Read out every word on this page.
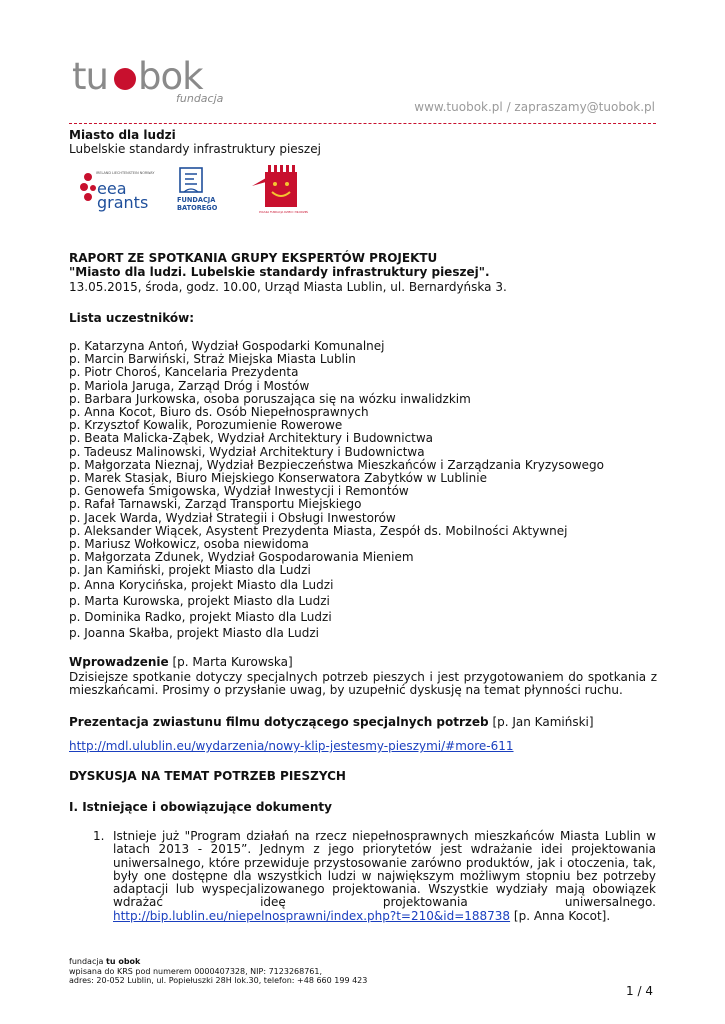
tu bok
fundacja
www.tuobok.pl / zapraszamy@tuobok.pl
Miasto dla ludzi
Lubelskie standardy infrastruktury pieszej
IRELAND LIECHTENSTEIN NORWAY
eea
grants	FUNDACJA
BATOREGO
POLSKA FUNDACJA DZIECI I MŁODZIEŻY
RAPORT ZE SPOTKANIA GRUPY EKSPERTÓW PROJEKTU
"Miasto dla ludzi. Lubelskie standardy infrastruktury pieszej".
13.05.2015, środa, godz. 10.00, Urząd Miasta Lublin, ul. Bernardyńska 3.
Lista uczestników:
p. Katarzyna Antoń, Wydział Gospodarki Komunalnej
p. Marcin Barwiński, Straż Miejska Miasta Lublin
p. Piotr Choroś, Kancelaria Prezydenta
p. Mariola Jaruga, Zarząd Dróg i Mostów
p. Barbara Jurkowska, osoba poruszająca się na wózku inwalidzkim
p. Anna Kocot, Biuro ds. Osób Niepełnosprawnych
p. Krzysztof Kowalik, Porozumienie Rowerowe
p. Beata Malicka-Ząbek, Wydział Architektury i Budownictwa
p. Tadeusz Malinowski, Wydział Architektury i Budownictwa
p. Małgorzata Nieznaj, Wydział Bezpieczeństwa Mieszkańców i Zarządzania Kryzysowego
p. Marek Stasiak, Biuro Miejskiego Konserwatora Zabytków w Lublinie
p. Genowefa Śmigowska, Wydział Inwestycji i Remontów
p. Rafał Tarnawski, Zarząd Transportu Miejskiego
p. Jacek Warda, Wydział Strategii i Obsługi Inwestorów
p. Aleksander Wiącek, Asystent Prezydenta Miasta, Zespół ds. Mobilności Aktywnej
p. Mariusz Wołkowicz, osoba niewidoma
p. Małgorzata Zdunek, Wydział Gospodarowania Mieniem
p. Jan Kamiński, projekt Miasto dla Ludzi
p. Anna Korycińska, projekt Miasto dla Ludzi
p. Marta Kurowska, projekt Miasto dla Ludzi
p. Dominika Radko, projekt Miasto dla Ludzi
p. Joanna Skałba, projekt Miasto dla Ludzi
Wprowadzenie [p. Marta Kurowska]
Dzisiejsze spotkanie dotyczy specjalnych potrzeb pieszych i jest przygotowaniem do spotkania z mieszkańcami. Prosimy o przysłanie uwag, by uzupełnić dyskusję na temat płynności ruchu.
Prezentacja zwiastunu filmu dotyczącego specjalnych potrzeb [p. Jan Kamiński]
http://mdl.ulublin.eu/wydarzenia/nowy-klip-jestesmy-pieszymi/#more-611
DYSKUSJA NA TEMAT POTRZEB PIESZYCH
I. Istniejące i obowiązujące dokumenty
1. Istnieje już "Program działań na rzecz niepełnosprawnych mieszkańców Miasta Lublin w latach 2013 - 2015”. Jednym z jego priorytetów jest wdrażanie idei projektowania uniwersalnego, które przewiduje przystosowanie zarówno produktów, jak i otoczenia, tak, były one dostępne dla wszystkich ludzi w największym możliwym stopniu bez potrzeby adaptacji lub wyspecjalizowanego projektowania. Wszystkie wydziały mają obowiązek wdrażać ideę projektowania uniwersalnego. http://bip.lublin.eu/niepelnosprawni/index.php?t=210&id=188738 [p. Anna Kocot].
fundacja tu obok
wpisana do KRS pod numerem 0000407328, NIP: 7123268761,
adres: 20-052 Lublin, ul. Popiełuszki 28H lok.30, telefon: +48 660 199 423
1 / 4
